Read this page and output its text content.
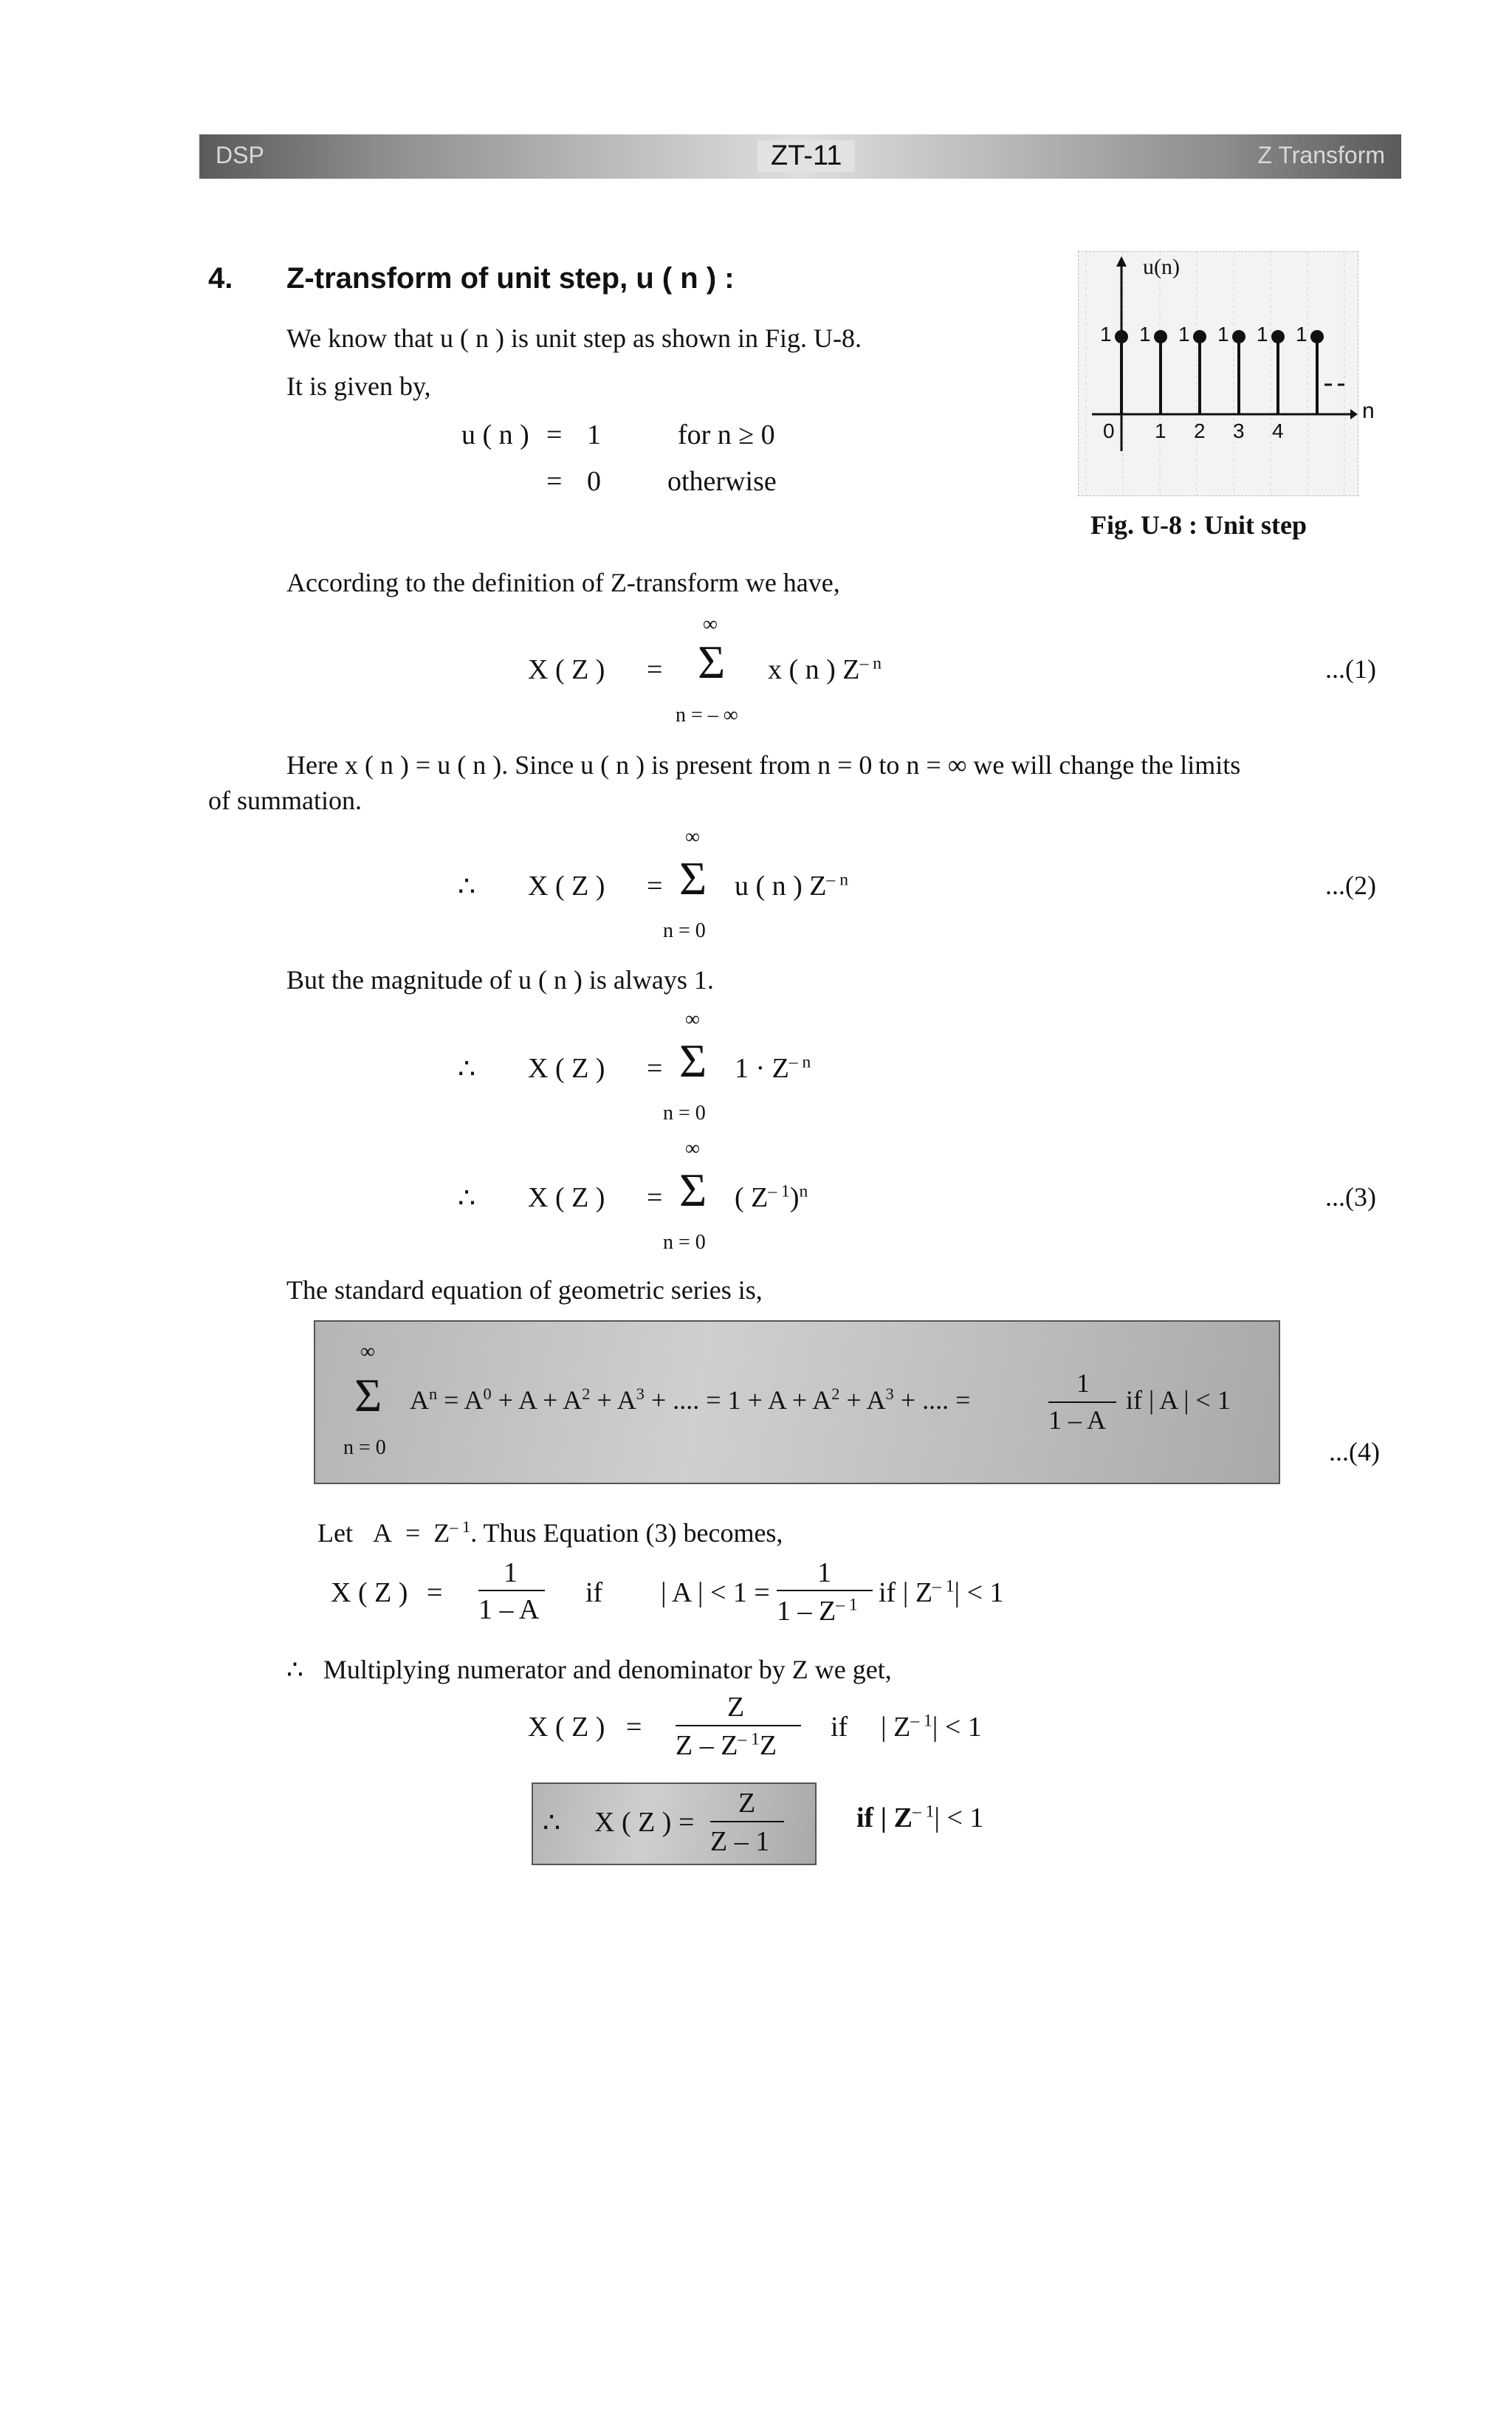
DSP	Z Transform
ZT-11
4. Z-transform of unit step, u ( n ) :
We know that u ( n ) is unit step as shown in Fig. U-8.
It is given by,
u ( n ) = 1	for n ≥ 0
= 0 otherwise
u(n)
n
0 1 2 3 4
1 1 1 1 1 1
Fig. U-8 : Unit step
According to the definition of Z-transform we have,
X ( Z ) =
∞
Σ
n = – ∞
x ( n ) $Z^{- n}$	...(1)
Here x ( n ) = u ( n ). Since u ( n ) is present from n = 0 to n = ∞ we will change the limits
of summation.
∴ X ( Z ) =
∞
Σ
n = 0
u ( n ) $Z^{- n}$	...(2)
But the magnitude of u ( n ) is always 1.
∴ X ( Z ) =
∞
Σ
n = 0
$1 \cdot Z^{- n}$
∴ X ( Z ) =
∞
Σ
n = 0
( $Z^{- 1})^n$	...(3)
The standard equation of geometric series is,
∞
Σ
n = 0
$A^n = A^0 + A + A^2 + A^3$ + .... = $1 + A + A^2 + A^3$ + .... =
1
1 – A
if | A | < 1
...(4)
Let $A = Z^{- 1}$. Thus Equation (3) becomes,
X ( Z ) =
1
1 – A
if | A | < 1 =
1
$1 - Z^{- 1}$ if | $Z^{- 1}| < 1$
∴ Multiplying numerator and denominator by Z we get,
X ( Z ) =
Z
Z – $Z^{- 1}Z$
if | $Z^{- 1}| < 1$
∴ X ( Z ) =
Z
Z – 1
if | $Z^{- 1}| < 1$
